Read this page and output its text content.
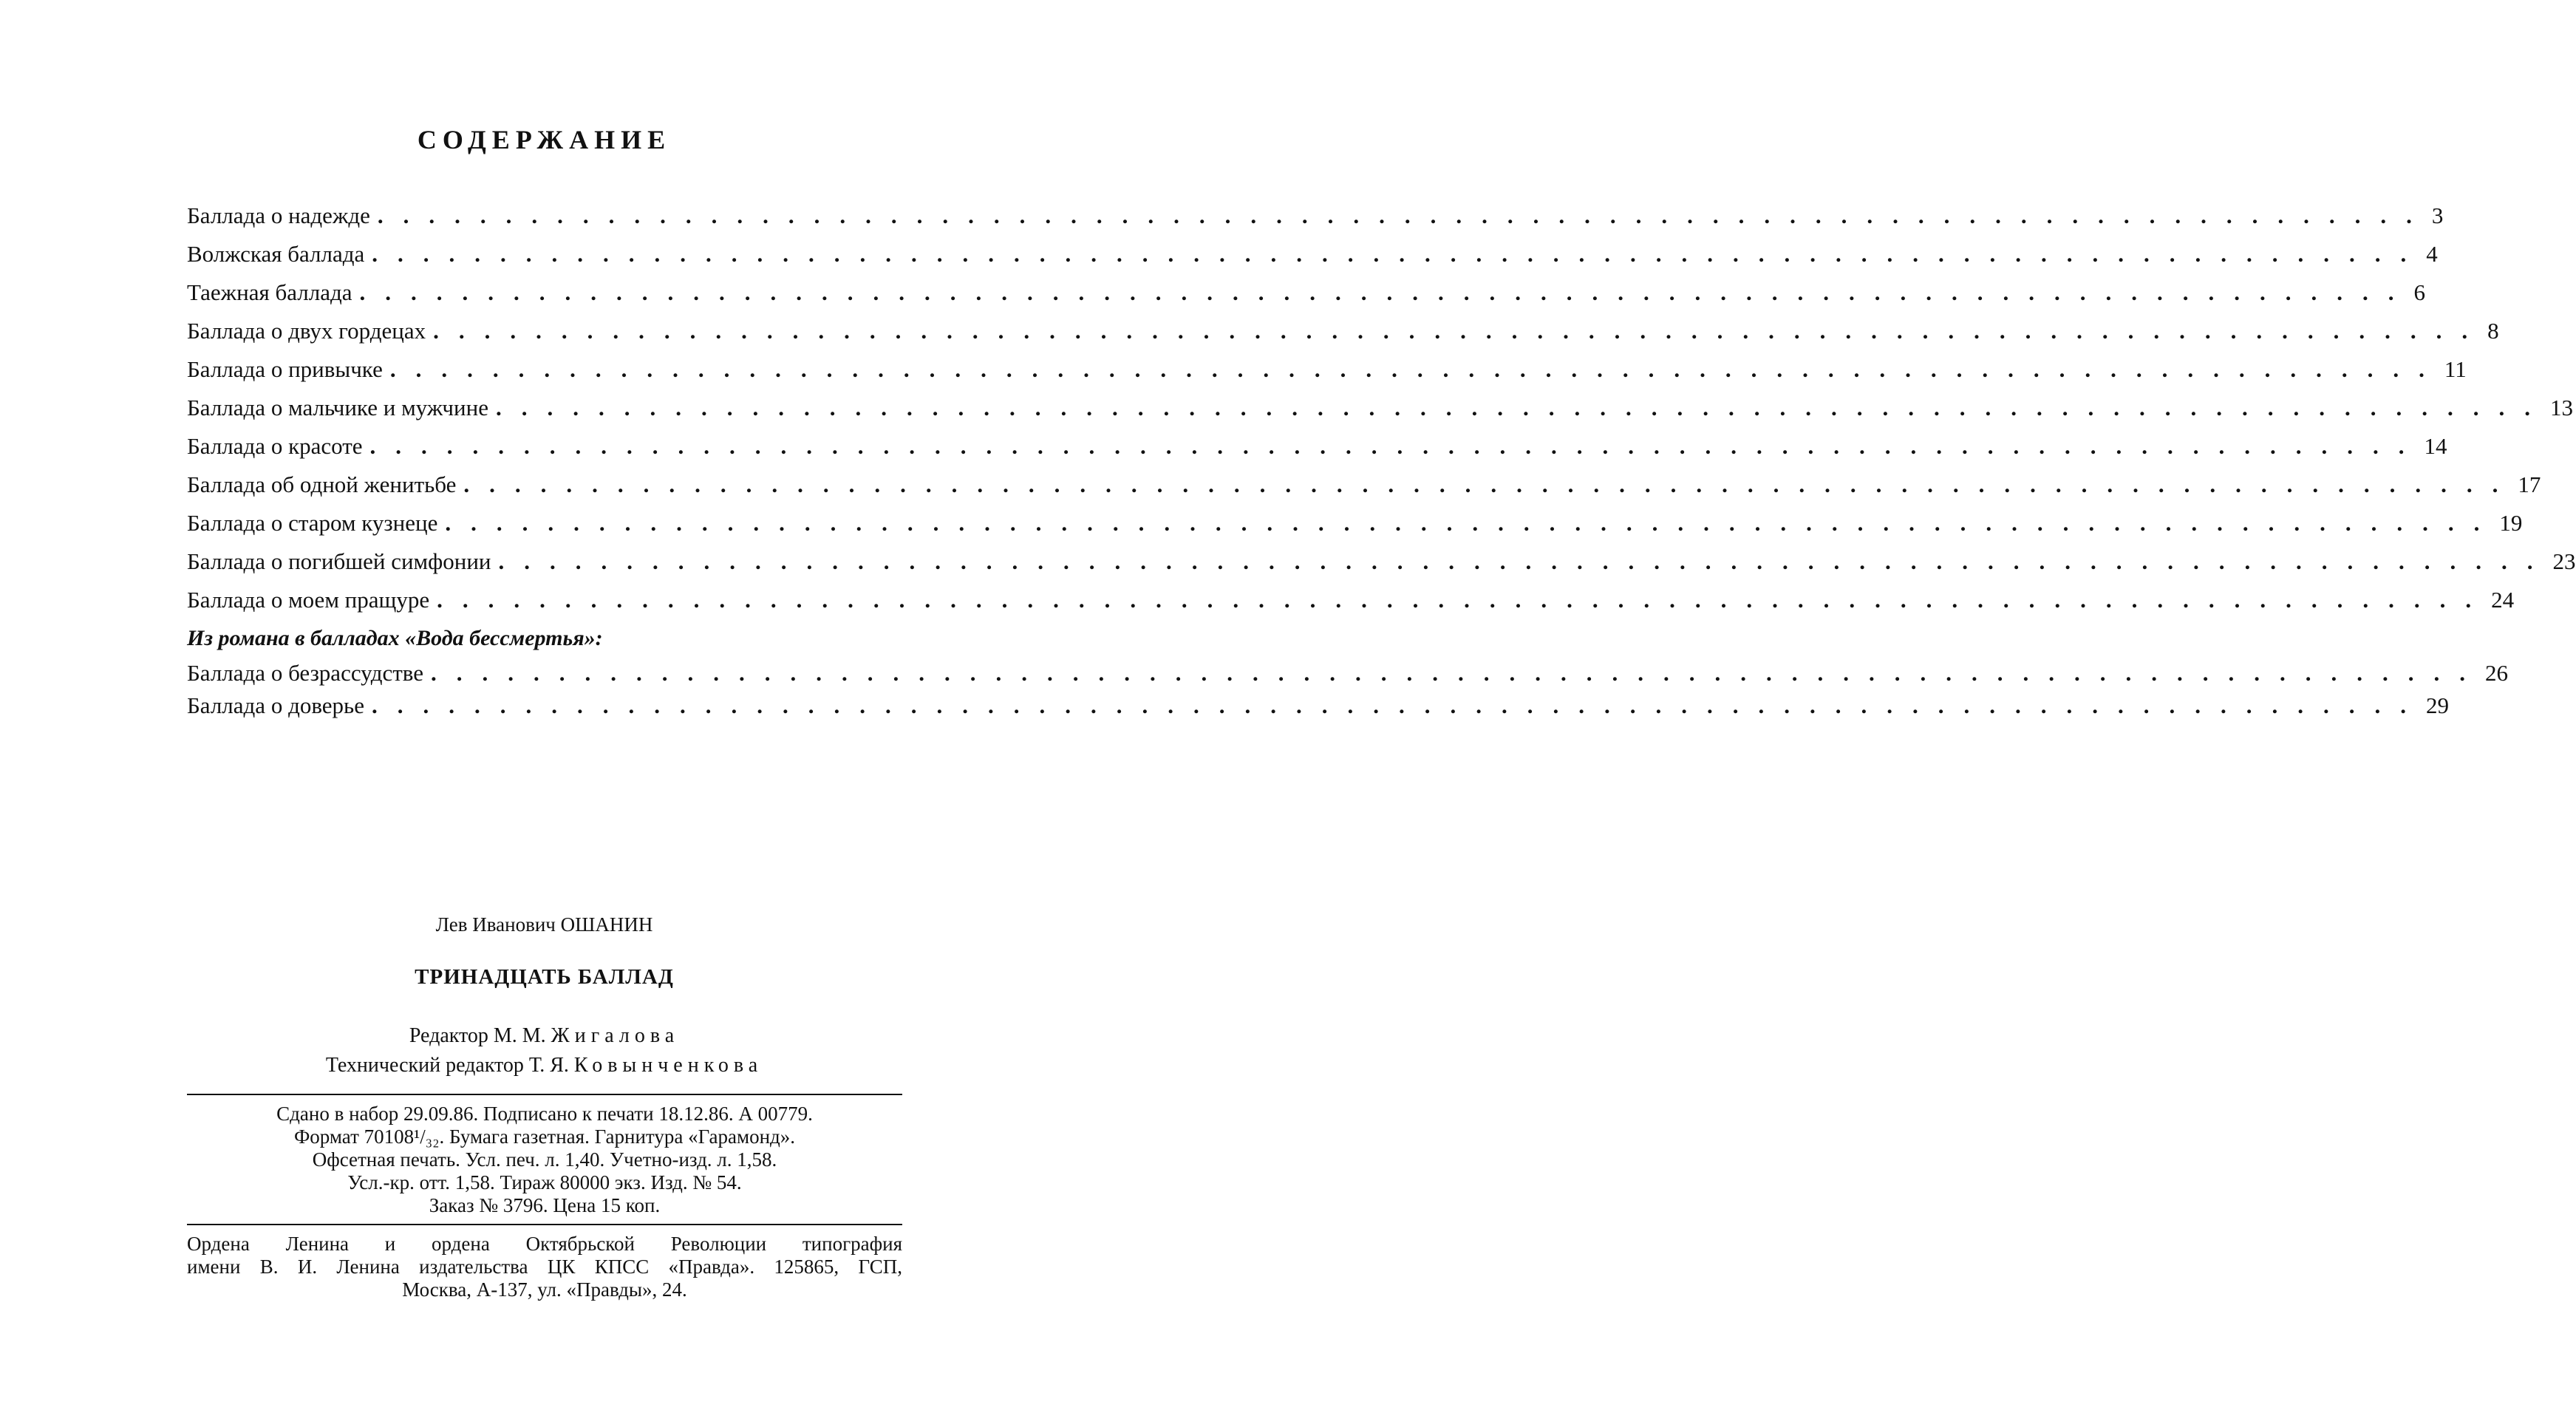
СОДЕРЖАНИЕ
Баллада о надежде ................................................................................ 3
Волжская баллада ................................................................................ 4
Таежная баллада ................................................................................ 6
Баллада о двух гордецах ................................................................................ 8
Баллада о привычке ................................................................................ 11
Баллада о мальчике и мужчине ................................................................................ 13
Баллада о красоте ................................................................................ 14
Баллада об одной женитьбе ................................................................................ 17
Баллада о старом кузнеце ................................................................................ 19
Баллада о погибшей симфонии ................................................................................ 23
Баллада о моем пращуре ................................................................................ 24
Из романа в балладах «Вода бессмертья»:
Баллада о безрассудстве ................................................................................ 26
Баллада о доверье ................................................................................ 29
Лев Иванович ОШАНИН
ТРИНАДЦАТЬ БАЛЛАД
Редактор М. М. Жигалова
Технический редактор Т. Я. Ковынченкова
Сдано в набор 29.09.86. Подписано к печати 18.12.86. А 00779.
Формат 70108¹/₃₂. Бумага газетная. Гарнитура «Гарамонд».
Офсетная печать. Усл. печ. л. 1,40. Учетно-изд. л. 1,58.
Усл.-кр. отт. 1,58. Тираж 80000 экз. Изд. № 54.
Заказ № 3796. Цена 15 коп.
Ордена Ленина и ордена Октябрьской Революции типография
имени В. И. Ленина издательства ЦК КПСС «Правда». 125865, ГСП,
Москва, А-137, ул. «Правды», 24.
